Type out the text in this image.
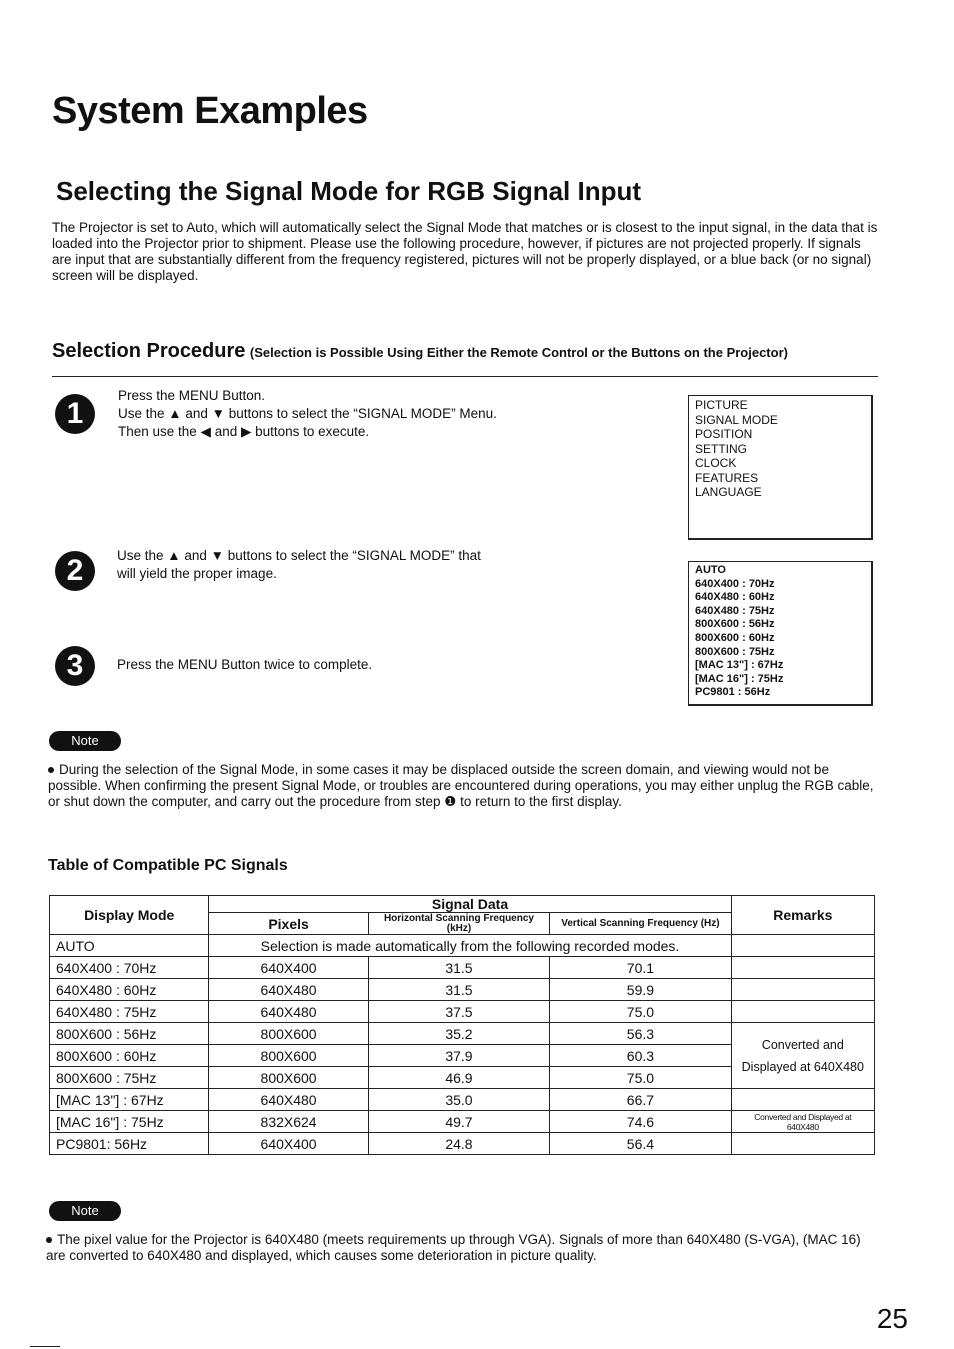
System Examples
Selecting the Signal Mode for RGB Signal Input
The Projector is set to Auto, which will automatically select the Signal Mode that matches or is closest to the input signal, in the data that is loaded into the Projector prior to shipment. Please use the following procedure, however, if pictures are not projected properly. If signals are input that are substantially different from the frequency registered, pictures will not be properly displayed, or a blue back (or no signal) screen will be displayed.
Selection Procedure (Selection is Possible Using Either the Remote Control or the Buttons on the Projector)
1
Press the MENU Button.
Use the ▲ and ▼ buttons to select the “SIGNAL MODE” Menu.
Then use the ◀ and ▶ buttons to execute.
PICTURE
SIGNAL MODE
POSITION
SETTING
CLOCK
FEATURES
LANGUAGE
2	Use the ▲ and ▼ buttons to select the “SIGNAL MODE” that
will yield the proper image.	AUTO
640X400 : 70Hz
640X480 : 60Hz
640X480 : 75Hz
800X600 : 56Hz
800X600 : 60Hz
800X600 : 75Hz
[MAC 13"] : 67Hz
[MAC 16"] : 75Hz
PC9801 : 56Hz
3	Press the MENU Button twice to complete.
Note
During the selection of the Signal Mode, in some cases it may be displaced outside the screen domain, and viewing would not be possible. When confirming the present Signal Mode, or troubles are encountered during operations, you may either unplug the RGB cable, or shut down the computer, and carry out the procedure from step ❶ to return to the first display.
Table of Compatible PC Signals
Display Mode	Signal Data			Remarks
	Pixels	Horizontal Scanning Frequency (kHz)	Vertical Scanning Frequency (Hz)	
AUTO	Selection is made automatically from the following recorded modes.			
640X400 : 70Hz	640X400	31.5	70.1	
640X480 : 60Hz	640X480	31.5	59.9	
640X480 : 75Hz	640X480	37.5	75.0	
800X600 : 56Hz	800X600	35.2	56.3	Converted and Displayed at 640X480
800X600 : 60Hz	800X600	37.9	60.3	
800X600 : 75Hz	800X600	46.9	75.0	
[MAC 13"] : 67Hz	640X480	35.0	66.7	
[MAC 16"] : 75Hz	832X624	49.7	74.6	Converted and Displayed at 640X480
PC9801: 56Hz	640X400	24.8	56.4	
Note
The pixel value for the Projector is 640X480 (meets requirements up through VGA). Signals of more than 640X480 (S-VGA), (MAC 16) are converted to 640X480 and displayed, which causes some deterioration in picture quality.
25
